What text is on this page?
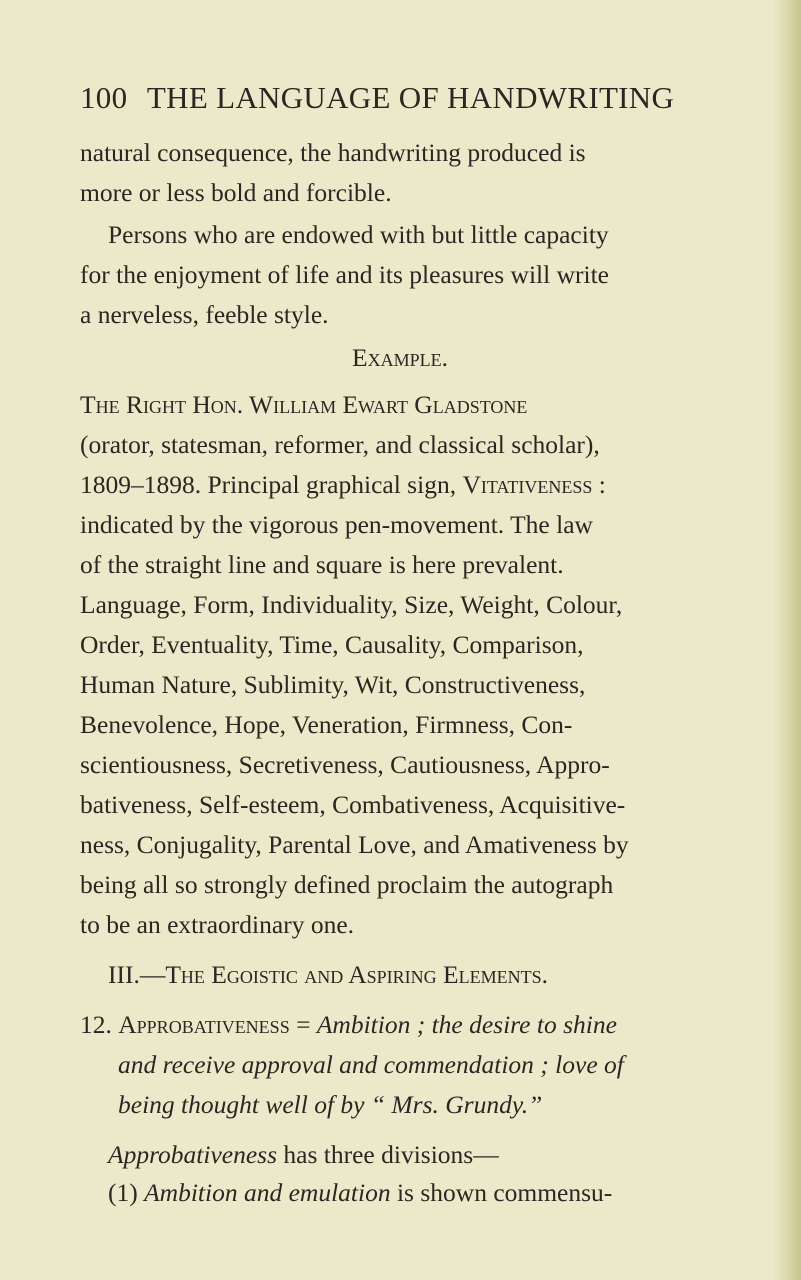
100 THE LANGUAGE OF HANDWRITING
natural consequence, the handwriting produced is
more or less bold and forcible.
Persons who are endowed with but little capacity
for the enjoyment of life and its pleasures will write
a nerveless, feeble style.
Example.
The Right Hon. William Ewart Gladstone
(orator, statesman, reformer, and classical scholar),
1809–1898. Principal graphical sign, Vitativeness :
indicated by the vigorous pen-movement. The law
of the straight line and square is here prevalent.
Language, Form, Individuality, Size, Weight, Colour,
Order, Eventuality, Time, Causality, Comparison,
Human Nature, Sublimity, Wit, Constructiveness,
Benevolence, Hope, Veneration, Firmness, Con-
scientiousness, Secretiveness, Cautiousness, Appro-
bativeness, Self-esteem, Combativeness, Acquisitive-
ness, Conjugality, Parental Love, and Amativeness by
being all so strongly defined proclaim the autograph
to be an extraordinary one.
III.—The Egoistic and Aspiring Elements.
12. Approbativeness = Ambition ; the desire to shine
and receive approval and commendation ; love of
being thought well of by “ Mrs. Grundy.”
Approbativeness has three divisions—
(1) Ambition and emulation is shown commensu-
